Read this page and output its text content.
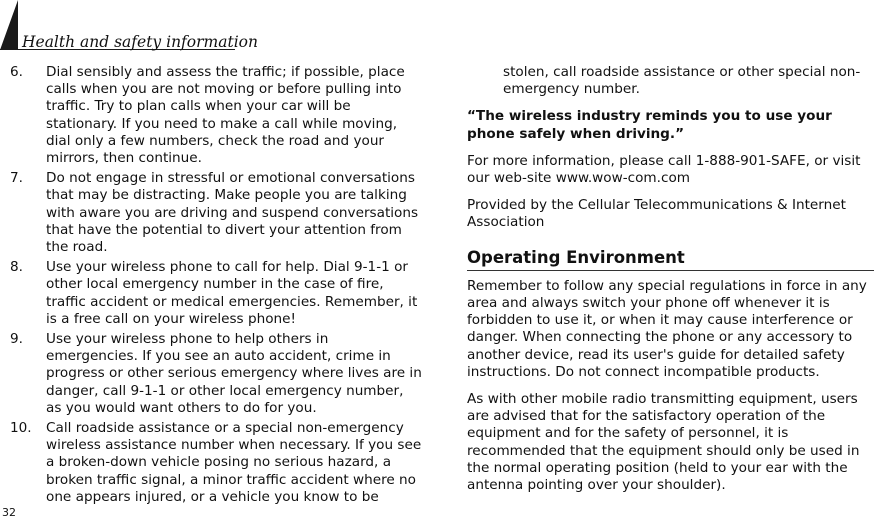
Health and safety information
6. Dial sensibly and assess the traffic; if possible, place calls when you are not moving or before pulling into traffic. Try to plan calls when your car will be stationary. If you need to make a call while moving, dial only a few numbers, check the road and your mirrors, then continue.
7. Do not engage in stressful or emotional conversations that may be distracting. Make people you are talking with aware you are driving and suspend conversations that have the potential to divert your attention from the road.
8. Use your wireless phone to call for help. Dial 9-1-1 or other local emergency number in the case of fire, traffic accident or medical emergencies. Remember, it is a free call on your wireless phone!
9. Use your wireless phone to help others in emergencies. If you see an auto accident, crime in progress or other serious emergency where lives are in danger, call 9-1-1 or other local emergency number, as you would want others to do for you.
10. Call roadside assistance or a special non-emergency wireless assistance number when necessary. If you see a broken-down vehicle posing no serious hazard, a broken traffic signal, a minor traffic accident where no one appears injured, or a vehicle you know to be

stolen, call roadside assistance or other special non-emergency number.

“The wireless industry reminds you to use your phone safely when driving.”

For more information, please call 1-888-901-SAFE, or visit our web-site www.wow-com.com

Provided by the Cellular Telecommunications & Internet Association

Operating Environment

Remember to follow any special regulations in force in any area and always switch your phone off whenever it is forbidden to use it, or when it may cause interference or danger. When connecting the phone or any accessory to another device, read its user's guide for detailed safety instructions. Do not connect incompatible products.

As with other mobile radio transmitting equipment, users are advised that for the satisfactory operation of the equipment and for the safety of personnel, it is recommended that the equipment should only be used in the normal operating position (held to your ear with the antenna pointing over your shoulder).

32
